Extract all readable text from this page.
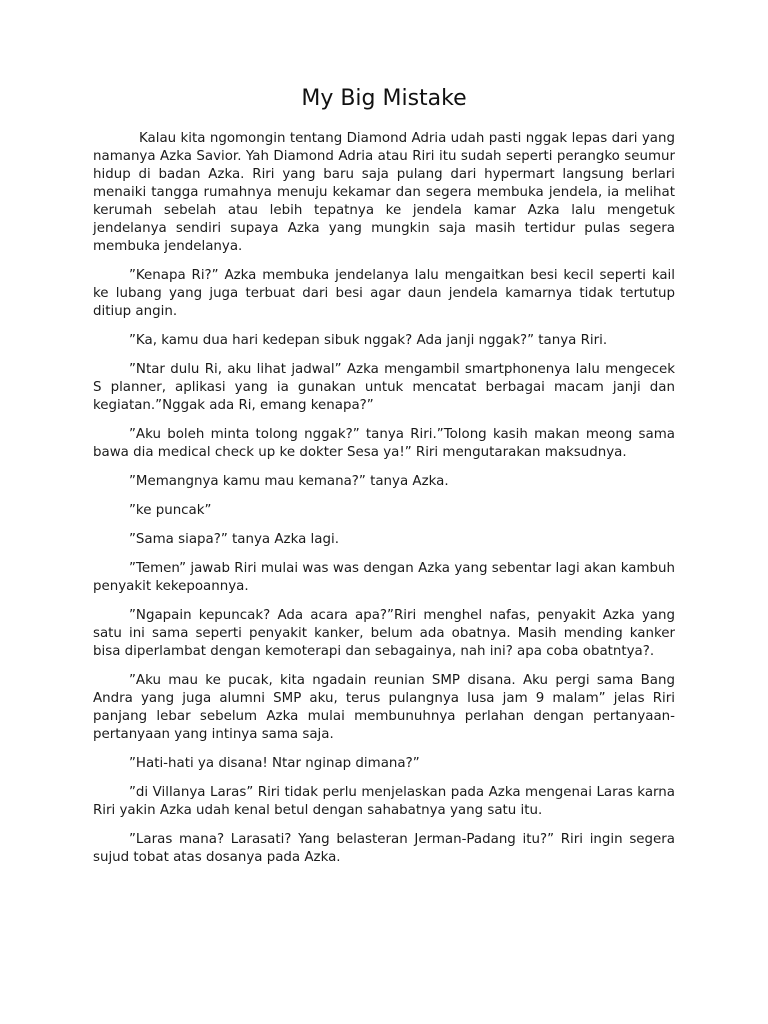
My Big Mistake

Kalau kita ngomongin tentang Diamond Adria udah pasti nggak lepas dari yang namanya Azka Savior. Yah Diamond Adria atau Riri itu sudah seperti perangko seumur hidup di badan Azka. Riri yang baru saja pulang dari hypermart langsung berlari menaiki tangga rumahnya menuju kekamar dan segera membuka jendela, ia melihat kerumah sebelah atau lebih tepatnya ke jendela kamar Azka lalu mengetuk jendelanya sendiri supaya Azka yang mungkin saja masih tertidur pulas segera membuka jendelanya.

”Kenapa Ri?” Azka membuka jendelanya lalu mengaitkan besi kecil seperti kail ke lubang yang juga terbuat dari besi agar daun jendela kamarnya tidak tertutup ditiup angin.

”Ka, kamu dua hari kedepan sibuk nggak? Ada janji nggak?” tanya Riri.

”Ntar dulu Ri, aku lihat jadwal” Azka mengambil smartphonenya lalu mengecek S planner, aplikasi yang ia gunakan untuk mencatat berbagai macam janji dan kegiatan.”Nggak ada Ri, emang kenapa?”

”Aku boleh minta tolong nggak?” tanya Riri.”Tolong kasih makan meong sama bawa dia medical check up ke dokter Sesa ya!” Riri mengutarakan maksudnya.

”Memangnya kamu mau kemana?” tanya Azka.

”ke puncak”

”Sama siapa?” tanya Azka lagi.

”Temen” jawab Riri mulai was was dengan Azka yang sebentar lagi akan kambuh penyakit kekepoannya.

”Ngapain kepuncak? Ada acara apa?”Riri menghel nafas, penyakit Azka yang satu ini sama seperti penyakit kanker, belum ada obatnya. Masih mending kanker bisa diperlambat dengan kemoterapi dan sebagainya, nah ini? apa coba obatntya?.

”Aku mau ke pucak, kita ngadain reunian SMP disana. Aku pergi sama Bang Andra yang juga alumni SMP aku, terus pulangnya lusa jam 9 malam” jelas Riri panjang lebar sebelum Azka mulai membunuhnya perlahan dengan pertanyaan-pertanyaan yang intinya sama saja.

”Hati-hati ya disana! Ntar nginap dimana?”

”di Villanya Laras” Riri tidak perlu menjelaskan pada Azka mengenai Laras karna Riri yakin Azka udah kenal betul dengan sahabatnya yang satu itu.

”Laras mana? Larasati? Yang belasteran Jerman-Padang itu?” Riri ingin segera sujud tobat atas dosanya pada Azka.
